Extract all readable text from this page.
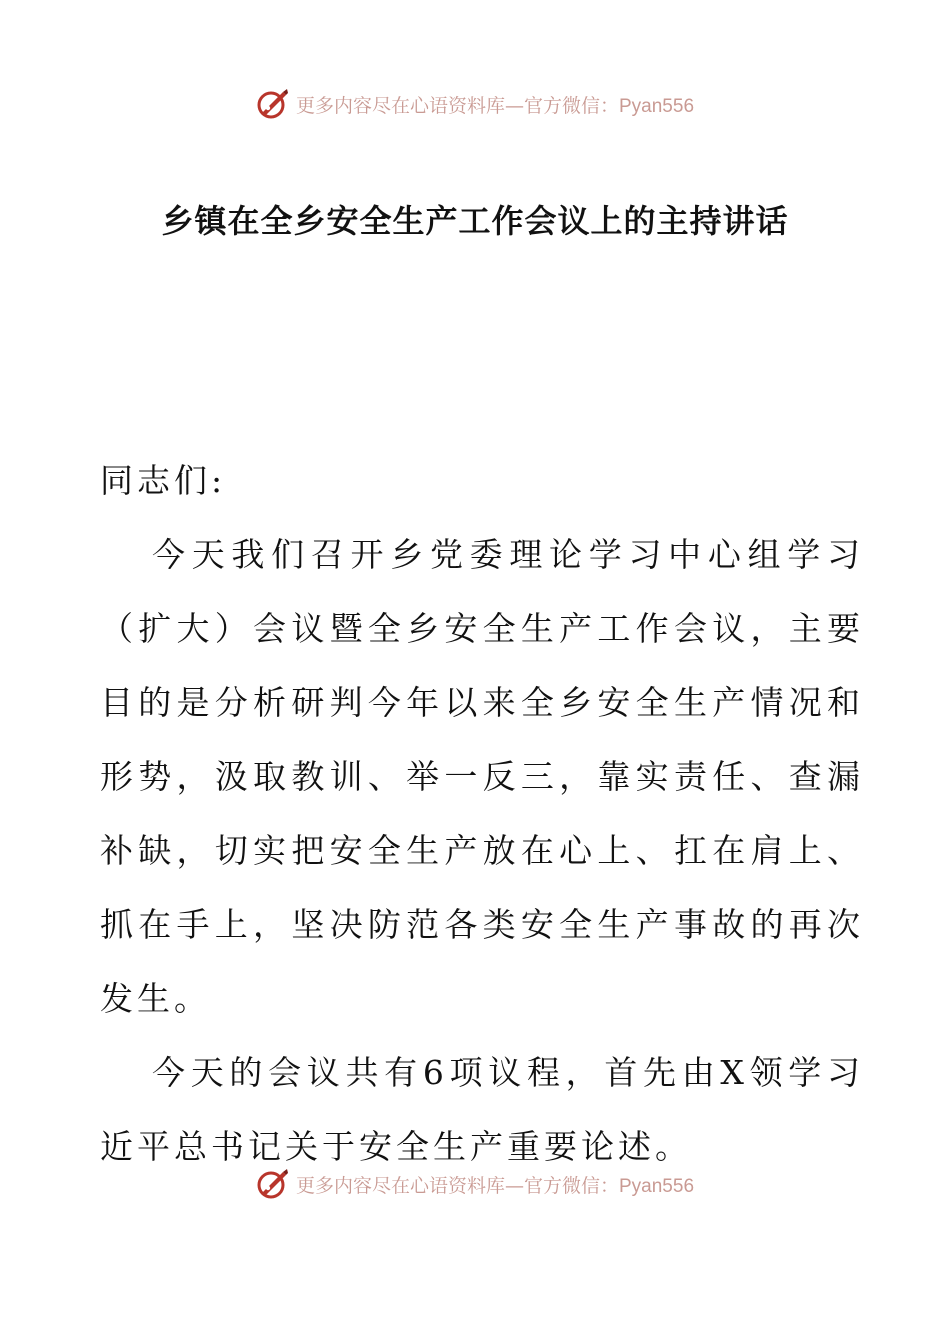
更多内容尽在心语资料库—官方微信：Pyan556
乡镇在全乡安全生产工作会议上的主持讲话

同志们:

今天我们召开乡党委理论学习中心组学习（扩大）会议暨全乡安全生产工作会议，主要目的是分析研判今年以来全乡安全生产情况和形势，汲取教训、举一反三，靠实责任、查漏补缺，切实把安全生产放在心上、扛在肩上、抓在手上，坚决防范各类安全生产事故的再次发生。

今天的会议共有6项议程，首先由X领学习近平总书记关于安全生产重要论述。

更多内容尽在心语资料库—官方微信：Pyan556
